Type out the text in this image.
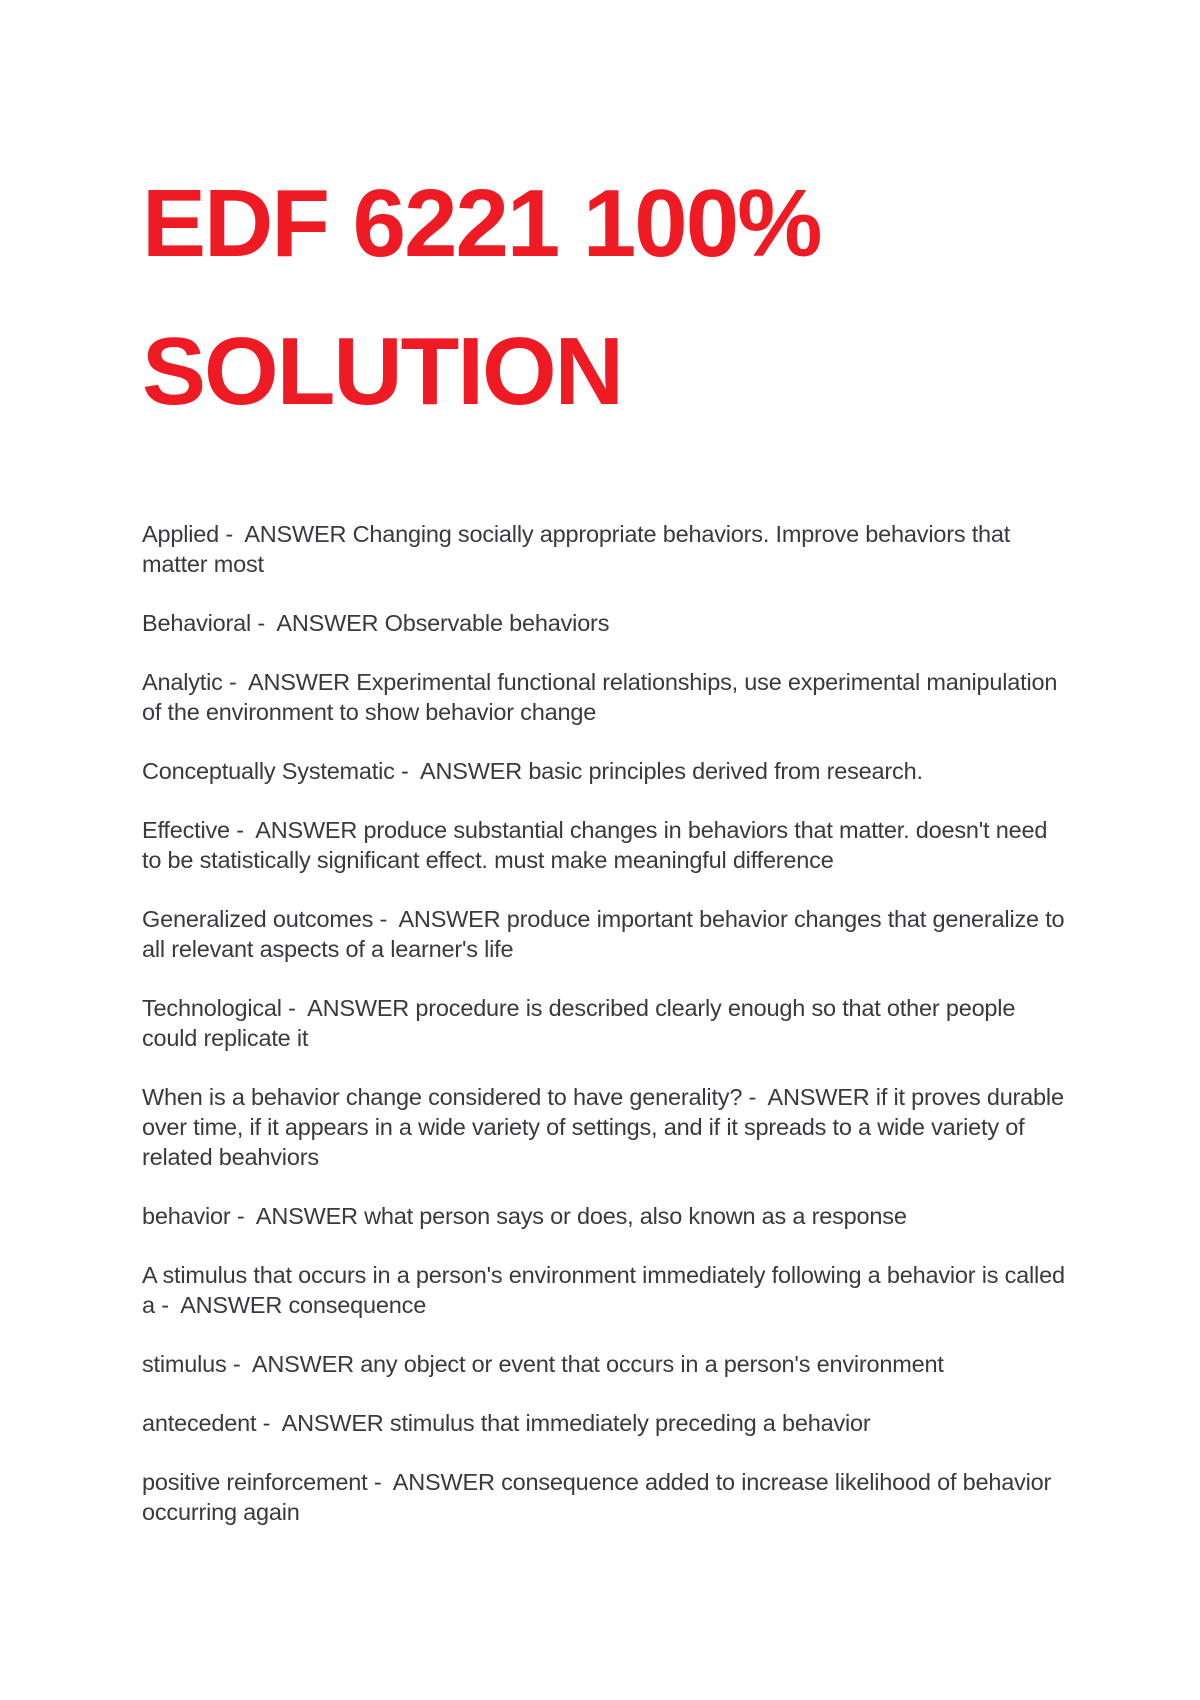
EDF 6221 100%
SOLUTION
Applied -  ANSWER Changing socially appropriate behaviors. Improve behaviors that matter most
Behavioral -  ANSWER Observable behaviors
Analytic -  ANSWER Experimental functional relationships, use experimental manipulation of the environment to show behavior change
Conceptually Systematic -  ANSWER basic principles derived from research.
Effective -  ANSWER produce substantial changes in behaviors that matter. doesn't need to be statistically significant effect. must make meaningful difference
Generalized outcomes -  ANSWER produce important behavior changes that generalize to all relevant aspects of a learner's life
Technological -  ANSWER procedure is described clearly enough so that other people could replicate it
When is a behavior change considered to have generality? -  ANSWER if it proves durable over time, if it appears in a wide variety of settings, and if it spreads to a wide variety of related beahviors
behavior -  ANSWER what person says or does, also known as a response
A stimulus that occurs in a person's environment immediately following a behavior is called a -  ANSWER consequence
stimulus -  ANSWER any object or event that occurs in a person's environment
antecedent -  ANSWER stimulus that immediately preceding a behavior
positive reinforcement -  ANSWER consequence added to increase likelihood of behavior occurring again
